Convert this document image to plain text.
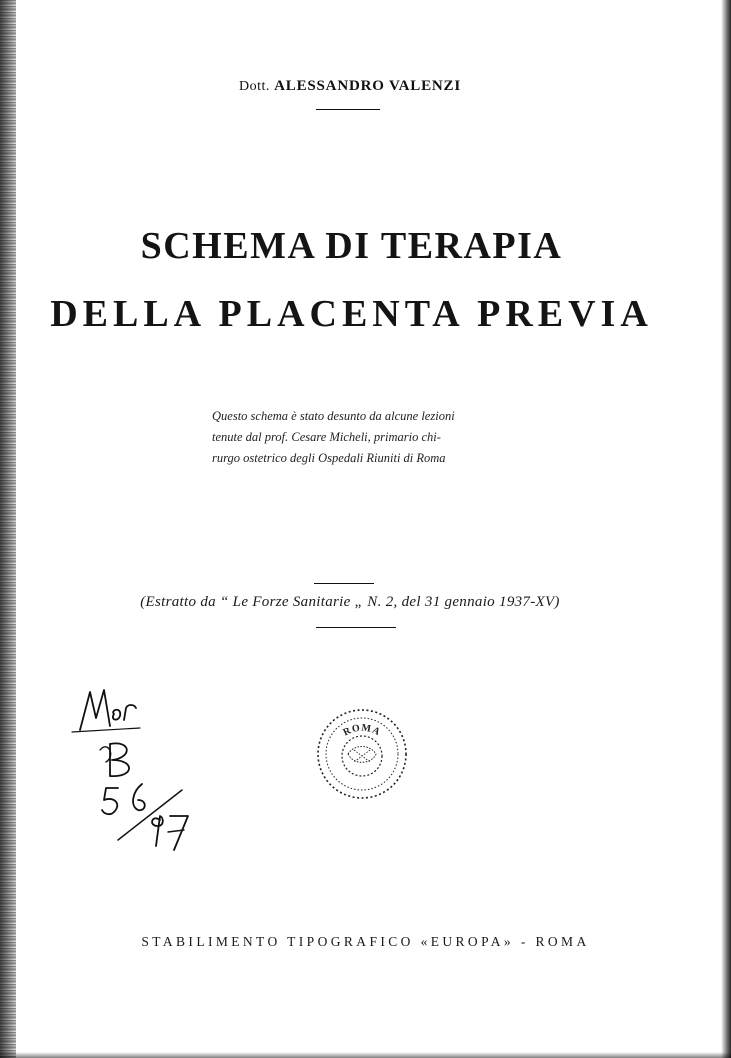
Dott. ALESSANDRO VALENZI
SCHEMA DI TERAPIA
DELLA PLACENTA PREVIA
Questo schema è stato desunto da alcune lezioni
tenute dal prof. Cesare Micheli, primario chi-
rurgo ostetrico degli Ospedali Riuniti di Roma
(Estratto da “ Le Forze Sanitarie „ N. 2, del 31 gennaio 1937-XV)
ROMA
STABILIMENTO TIPOGRAFICO «EUROPA» - ROMA
